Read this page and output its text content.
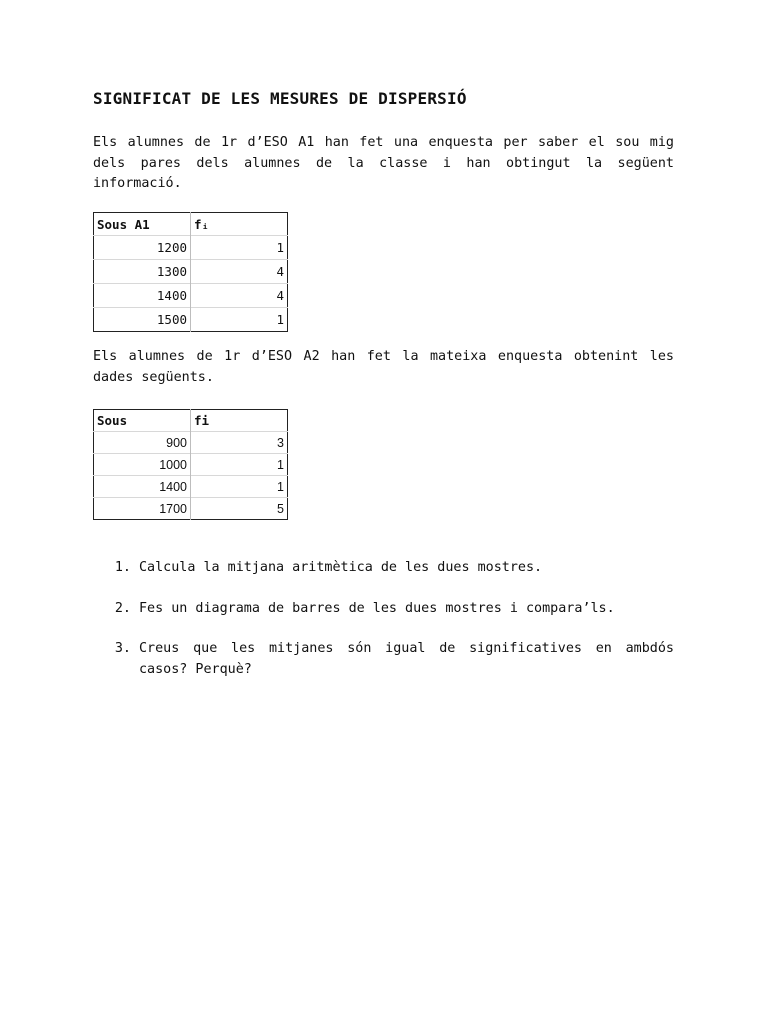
SIGNIFICAT DE LES MESURES DE DISPERSIÓ

Els alumnes de 1r d’ESO A1 han fet una enquesta per saber el sou mig dels pares dels alumnes de la classe i han obtingut la següent informació.

Sous A1	fᵢ
1200	1
1300	4
1400	4
1500	1

Els alumnes de 1r d’ESO A2 han fet la mateixa enquesta obtenint les dades següents.

Sous	fi
900	3
1000	1
1400	1
1700	5
1. Calcula la mitjana aritmètica de les dues mostres.
2. Fes un diagrama de barres de les dues mostres i compara’ls.
3. Creus que les mitjanes són igual de significatives en ambdós casos? Perquè?
